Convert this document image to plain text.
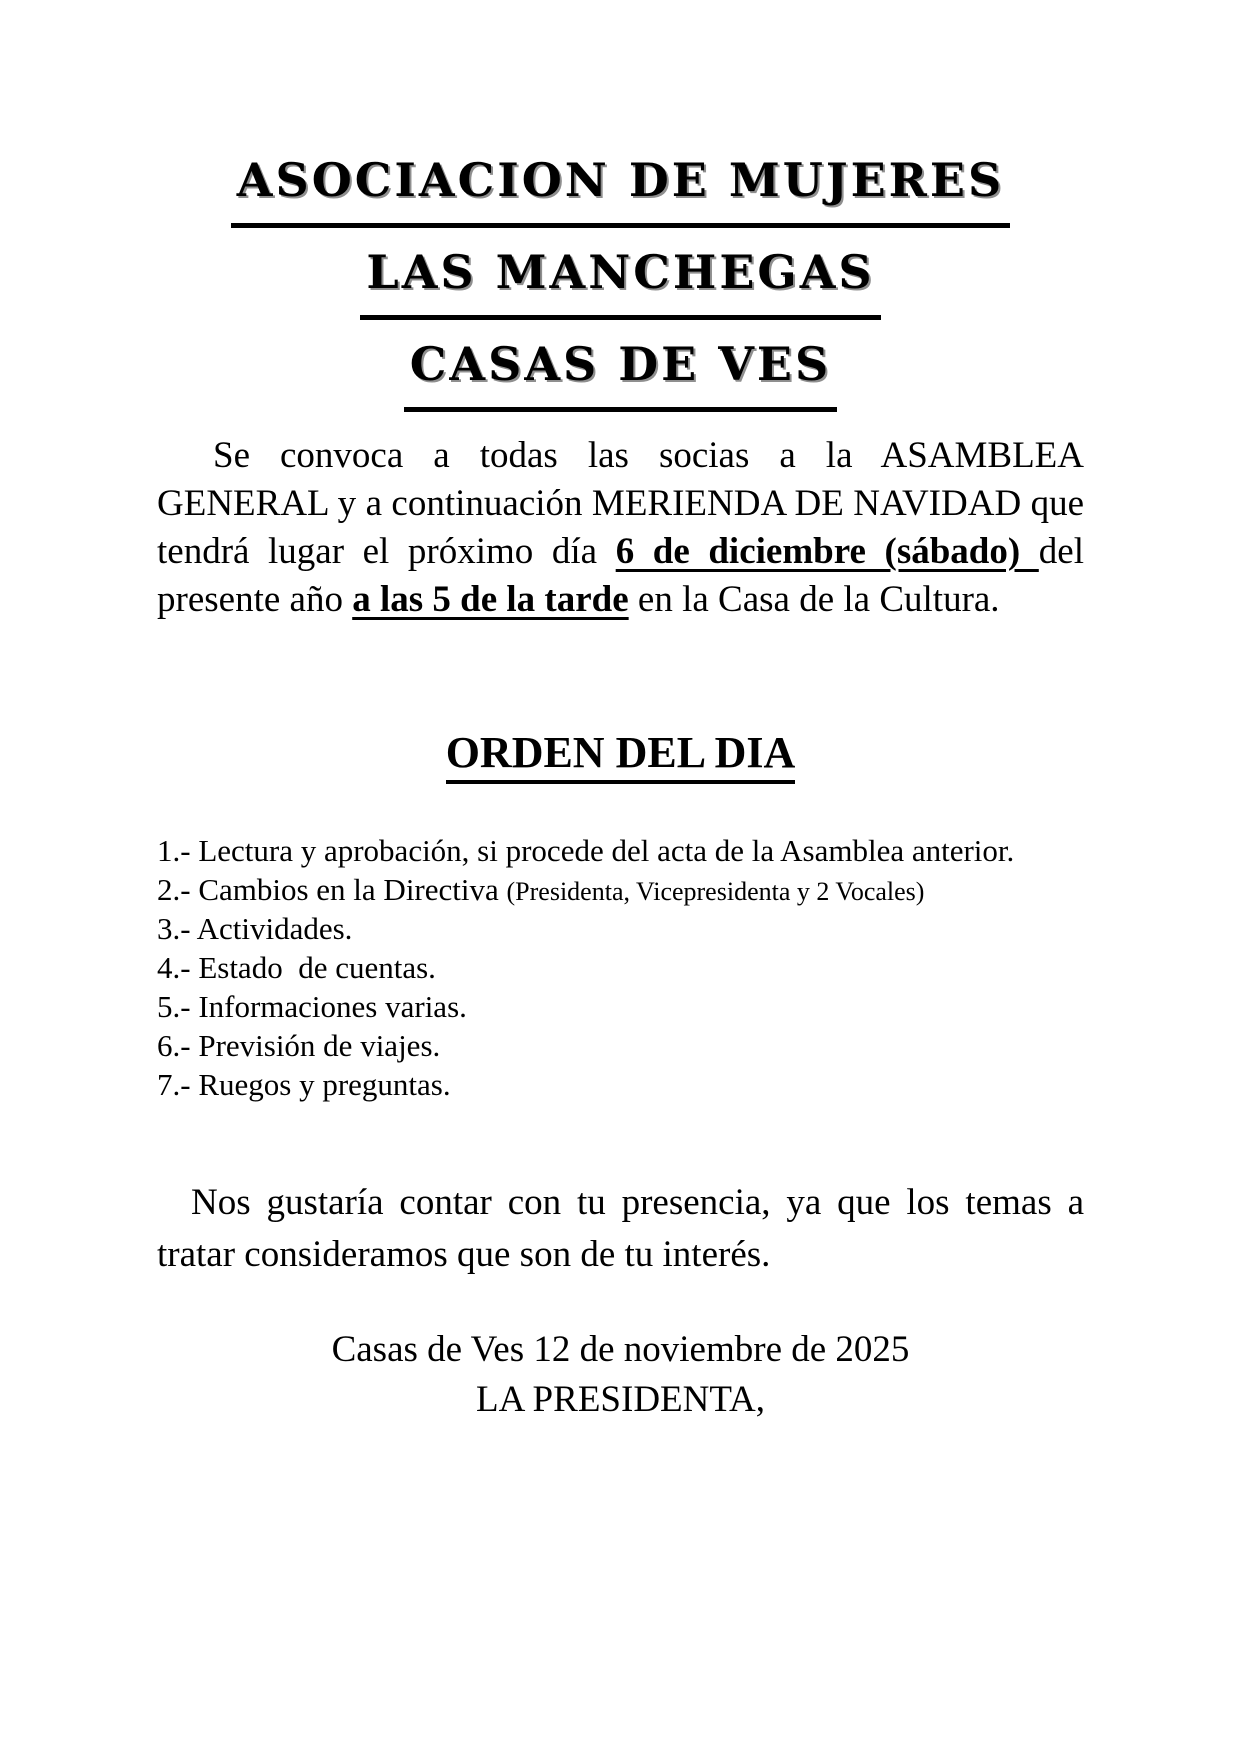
ASOCIACION DE MUJERES
LAS MANCHEGAS
CASAS DE VES

Se convoca a todas las socias a la ASAMBLEA GENERAL y a continuación MERIENDA DE NAVIDAD que tendrá lugar el próximo día 6 de diciembre (sábado) del presente año a las 5 de la tarde en la Casa de la Cultura.

ORDEN DEL DIA
1.- Lectura y aprobación, si procede del acta de la Asamblea anterior.
2.- Cambios en la Directiva (Presidenta, Vicepresidenta y 2 Vocales)
3.- Actividades.
4.- Estado  de cuentas.
5.- Informaciones varias.
6.- Previsión de viajes.
7.- Ruegos y preguntas.

Nos gustaría contar con tu presencia, ya que los temas a tratar consideramos que son de tu interés.

Casas de Ves 12 de noviembre de 2025
LA PRESIDENTA,
